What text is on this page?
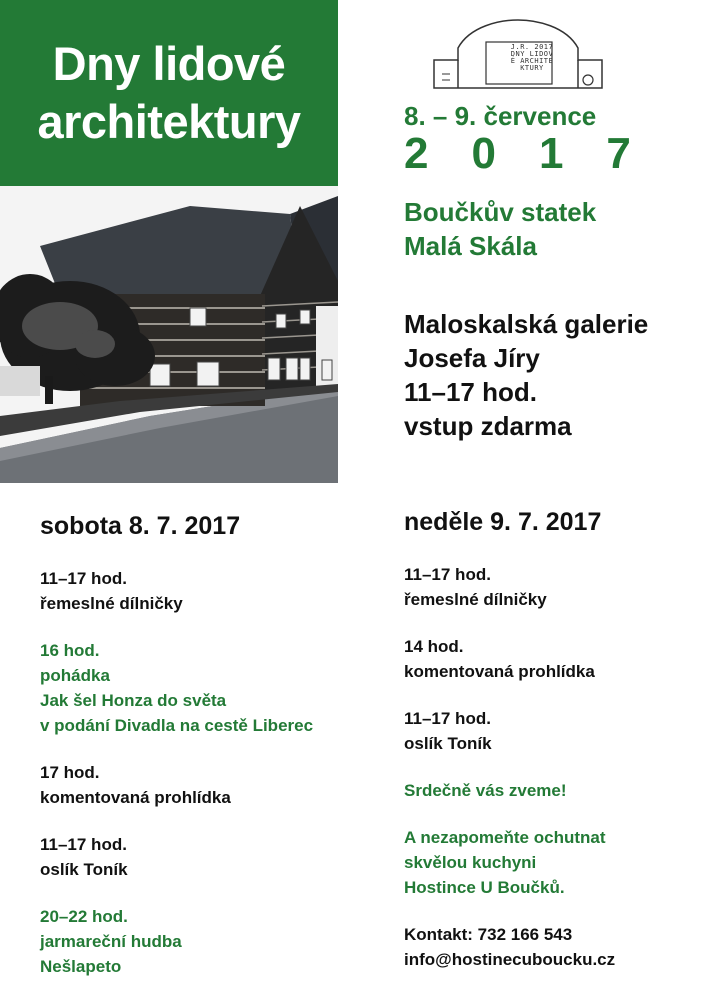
Dny lidové
architektury
J.R. 2017
DNY LIDOV
É ARCHITE
KTURY
8. – 9. července
2017
Boučkův statek
Malá Skála
Maloskalská galerie
Josefa Jíry
11–17 hod.
vstup zdarma
sobota 8. 7. 2017
11–17 hod.
řemeslné dílničky
16 hod.
pohádka
Jak šel Honza do světa
v podání Divadla na cestě Liberec
17 hod.
komentovaná prohlídka
11–17 hod.
oslík Toník
20–22 hod.
jarmareční hudba
Nešlapeto
neděle 9. 7. 2017
11–17 hod.
řemeslné dílničky
14 hod.
komentovaná prohlídka
11–17 hod.
oslík Toník
Srdečně vás zveme!
A nezapomeňte ochutnat
skvělou kuchyni
Hostince U Boučků.
Kontakt: 732 166 543
info@hostinecuboucku.cz
